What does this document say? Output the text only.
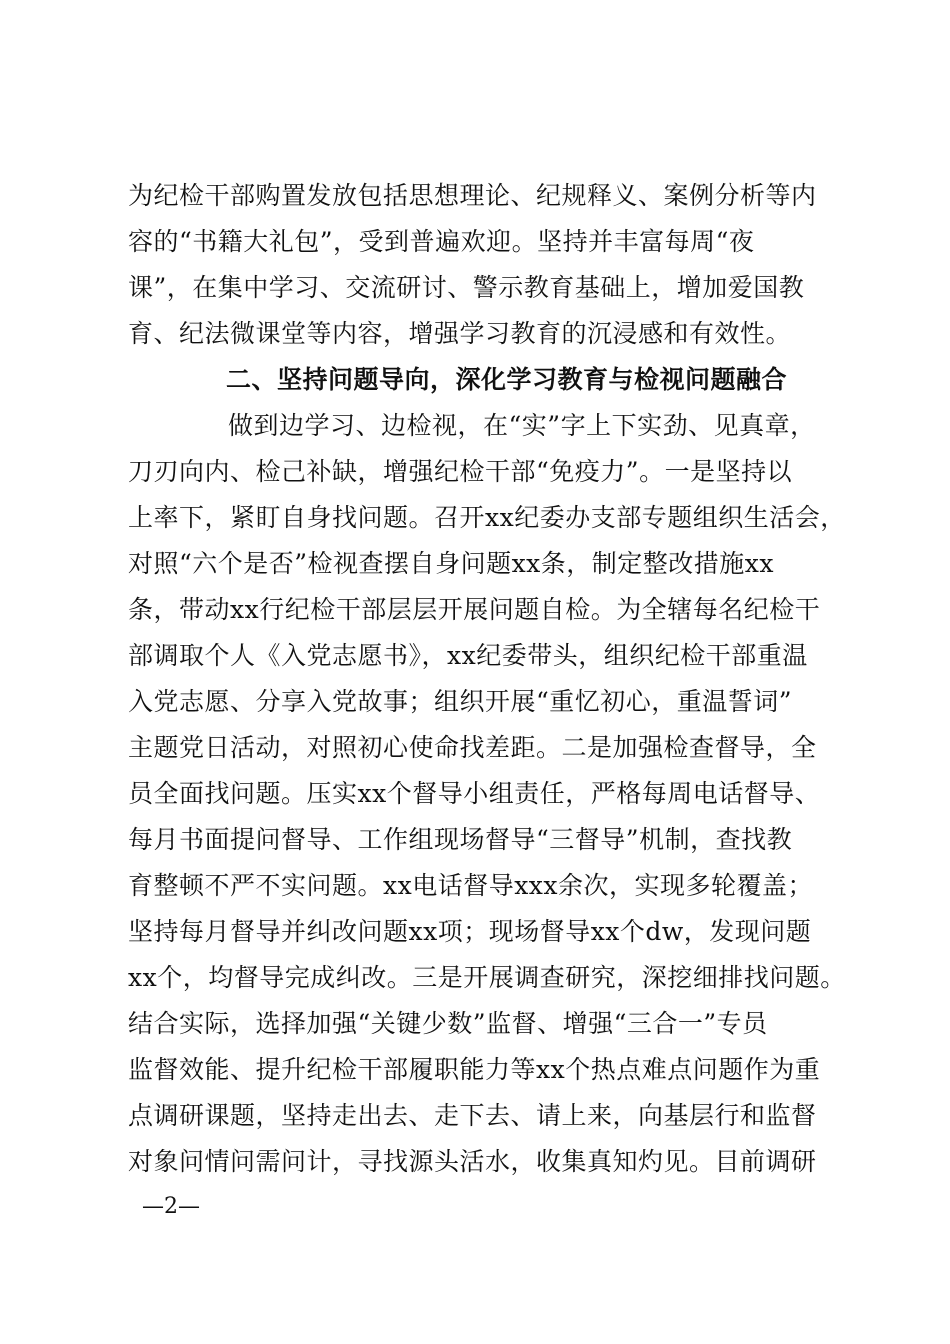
为纪检干部购置发放包括思想理论、纪规释义、案例分析等内
容的“书籍大礼包”，受到普遍欢迎。坚持并丰富每周“夜
课”，在集中学习、交流研讨、警示教育基础上，增加爱国教
育、纪法微课堂等内容，增强学习教育的沉浸感和有效性。
二、坚持问题导向，深化学习教育与检视问题融合
做到边学习、边检视，在“实”字上下实劲、见真章，
刀刃向内、检己补缺，增强纪检干部“免疫力”。一是坚持以
上率下，紧盯自身找问题。召开xx纪委办支部专题组织生活会，
对照“六个是否”检视查摆自身问题xx条，制定整改措施xx
条，带动xx行纪检干部层层开展问题自检。为全辖每名纪检干
部调取个人《入党志愿书》，xx纪委带头，组织纪检干部重温
入党志愿、分享入党故事；组织开展“重忆初心，重温誓词”
主题党日活动，对照初心使命找差距。二是加强检查督导，全
员全面找问题。压实xx个督导小组责任，严格每周电话督导、
每月书面提问督导、工作组现场督导“三督导”机制，查找教
育整顿不严不实问题。xx电话督导xxx余次，实现多轮覆盖；
坚持每月督导并纠改问题xx项；现场督导xx个dw，发现问题
xx个，均督导完成纠改。三是开展调查研究，深挖细排找问题。
结合实际，选择加强“关键少数”监督、增强“三合一”专员
监督效能、提升纪检干部履职能力等xx个热点难点问题作为重
点调研课题，坚持走出去、走下去、请上来，向基层行和监督
对象问情问需问计，寻找源头活水，收集真知灼见。目前调研
—2—
